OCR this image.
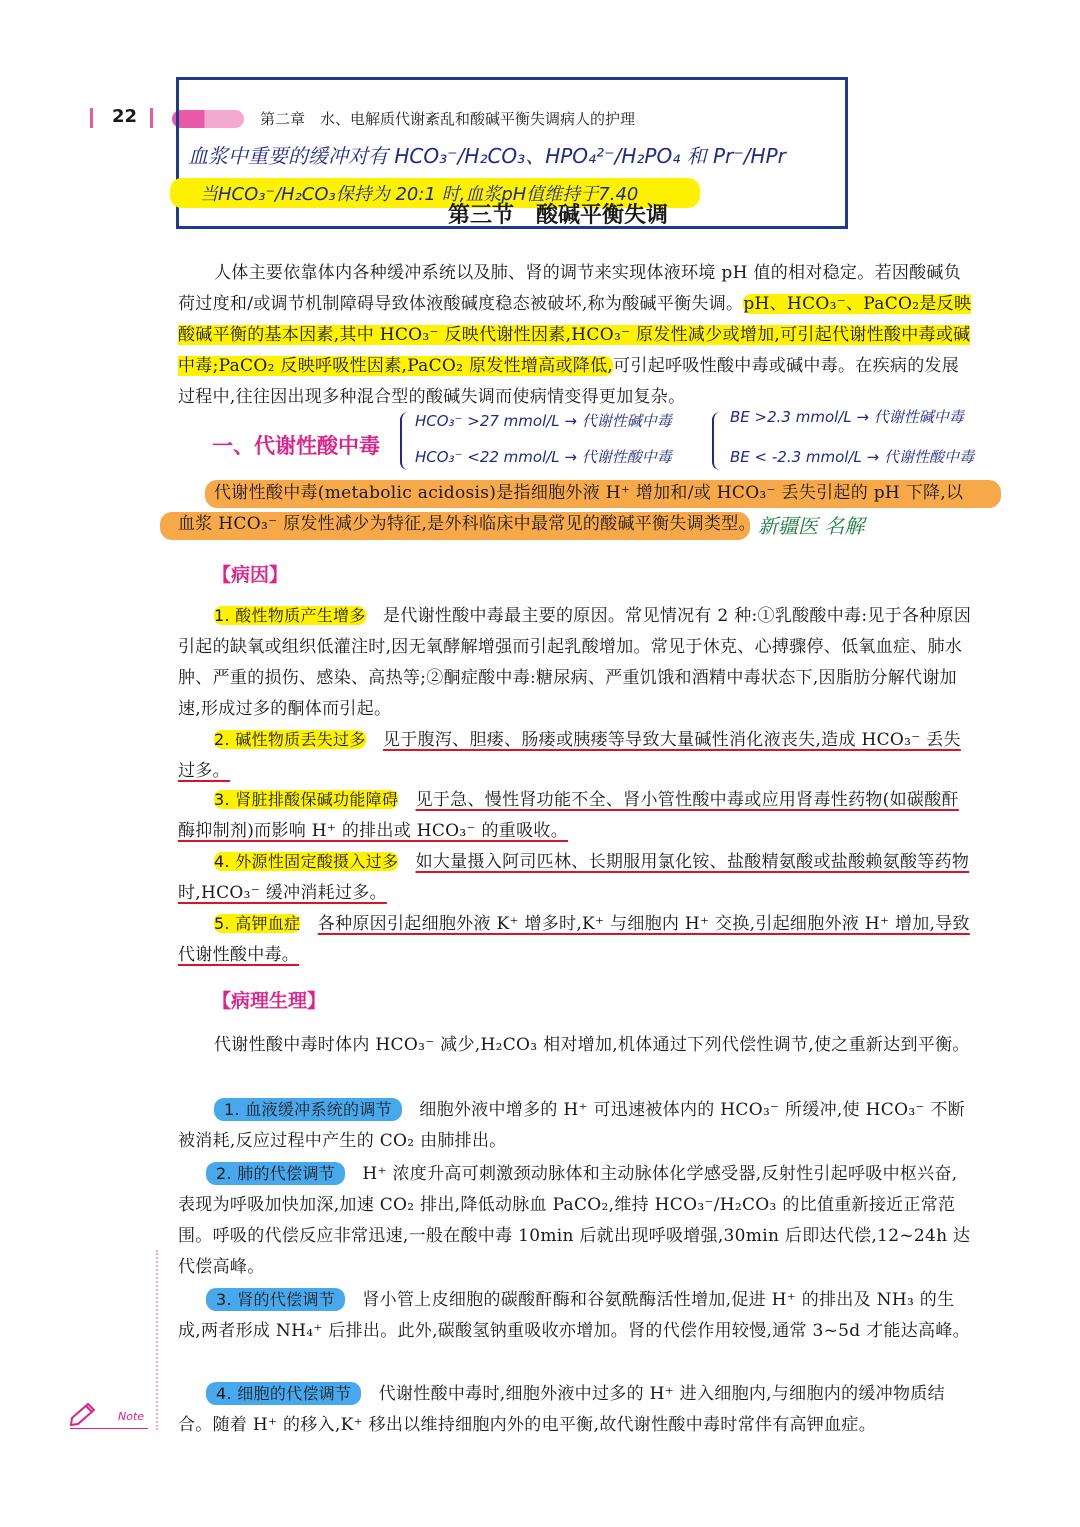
22	第二章　水、电解质代谢紊乱和酸碱平衡失调病人的护理
血浆中重要的缓冲对有 HCO₃⁻/H₂CO₃、HPO₄²⁻/H₂PO₄ 和 Pr⁻/HPr
当HCO₃⁻/H₂CO₃保持为 20:1 时,血浆pH值维持于7.40
第三节　酸碱平衡失调
人体主要依靠体内各种缓冲系统以及肺、肾的调节来实现体液环境 pH 值的相对稳定。若因酸碱负荷过度和/或调节机制障碍导致体液酸碱度稳态被破坏,称为酸碱平衡失调。pH、HCO₃⁻、PaCO₂是反映酸碱平衡的基本因素,其中 HCO₃⁻ 反映代谢性因素,HCO₃⁻ 原发性减少或增加,可引起代谢性酸中毒或碱中毒;PaCO₂ 反映呼吸性因素,PaCO₂ 原发性增高或降低,可引起呼吸性酸中毒或碱中毒。在疾病的发展过程中,往往因出现多种混合型的酸碱失调而使病情变得更加复杂。
一、代谢性酸中毒
HCO₃⁻ >27 mmol/L → 代谢性碱中毒
HCO₃⁻ <22 mmol/L → 代谢性酸中毒
BE >2.3 mmol/L → 代谢性碱中毒
BE < -2.3 mmol/L → 代谢性酸中毒
代谢性酸中毒(metabolic acidosis)是指细胞外液 H⁺ 增加和/或 HCO₃⁻ 丢失引起的 pH 下降,以血浆 HCO₃⁻ 原发性减少为特征,是外科临床中最常见的酸碱平衡失调类型。 新疆医 名解
【病因】
1. 酸性物质产生增多　 是代谢性酸中毒最主要的原因。常见情况有 2 种:①乳酸酸中毒:见于各种原因引起的缺氧或组织低灌注时,因无氧酵解增强而引起乳酸增加。常见于休克、心搏骤停、低氧血症、肺水肿、严重的损伤、感染、高热等;②酮症酸中毒:糖尿病、严重饥饿和酒精中毒状态下,因脂肪分解代谢加速,形成过多的酮体而引起。
2. 碱性物质丢失过多　 见于腹泻、胆瘘、肠瘘或胰瘘等导致大量碱性消化液丧失,造成 HCO₃⁻ 丢失过多。
3. 肾脏排酸保碱功能障碍　 见于急、慢性肾功能不全、肾小管性酸中毒或应用肾毒性药物(如碳酸酐酶抑制剂)而影响 H⁺ 的排出或 HCO₃⁻ 的重吸收。
4. 外源性固定酸摄入过多　 如大量摄入阿司匹林、长期服用氯化铵、盐酸精氨酸或盐酸赖氨酸等药物时,HCO₃⁻ 缓冲消耗过多。
5. 高钾血症　 各种原因引起细胞外液 K⁺ 增多时,K⁺ 与细胞内 H⁺ 交换,引起细胞外液 H⁺ 增加,导致代谢性酸中毒。
【病理生理】
代谢性酸中毒时体内 HCO₃⁻ 减少,H₂CO₃ 相对增加,机体通过下列代偿性调节,使之重新达到平衡。
1. 血液缓冲系统的调节　 细胞外液中增多的 H⁺ 可迅速被体内的 HCO₃⁻ 所缓冲,使 HCO₃⁻ 不断被消耗,反应过程中产生的 CO₂ 由肺排出。
2. 肺的代偿调节　 H⁺ 浓度升高可刺激颈动脉体和主动脉体化学感受器,反射性引起呼吸中枢兴奋,表现为呼吸加快加深,加速 CO₂ 排出,降低动脉血 PaCO₂,维持 HCO₃⁻/H₂CO₃ 的比值重新接近正常范围。呼吸的代偿反应非常迅速,一般在酸中毒 10min 后就出现呼吸增强,30min 后即达代偿,12~24h 达代偿高峰。
3. 肾的代偿调节　 肾小管上皮细胞的碳酸酐酶和谷氨酰酶活性增加,促进 H⁺ 的排出及 NH₃ 的生成,两者形成 NH₄⁺ 后排出。此外,碳酸氢钠重吸收亦增加。肾的代偿作用较慢,通常 3~5d 才能达高峰。
4. 细胞的代偿调节　 代谢性酸中毒时,细胞外液中过多的 H⁺ 进入细胞内,与细胞内的缓冲物质结合。随着 H⁺ 的移入,K⁺ 移出以维持细胞内外的电平衡,故代谢性酸中毒时常伴有高钾血症。
Note
